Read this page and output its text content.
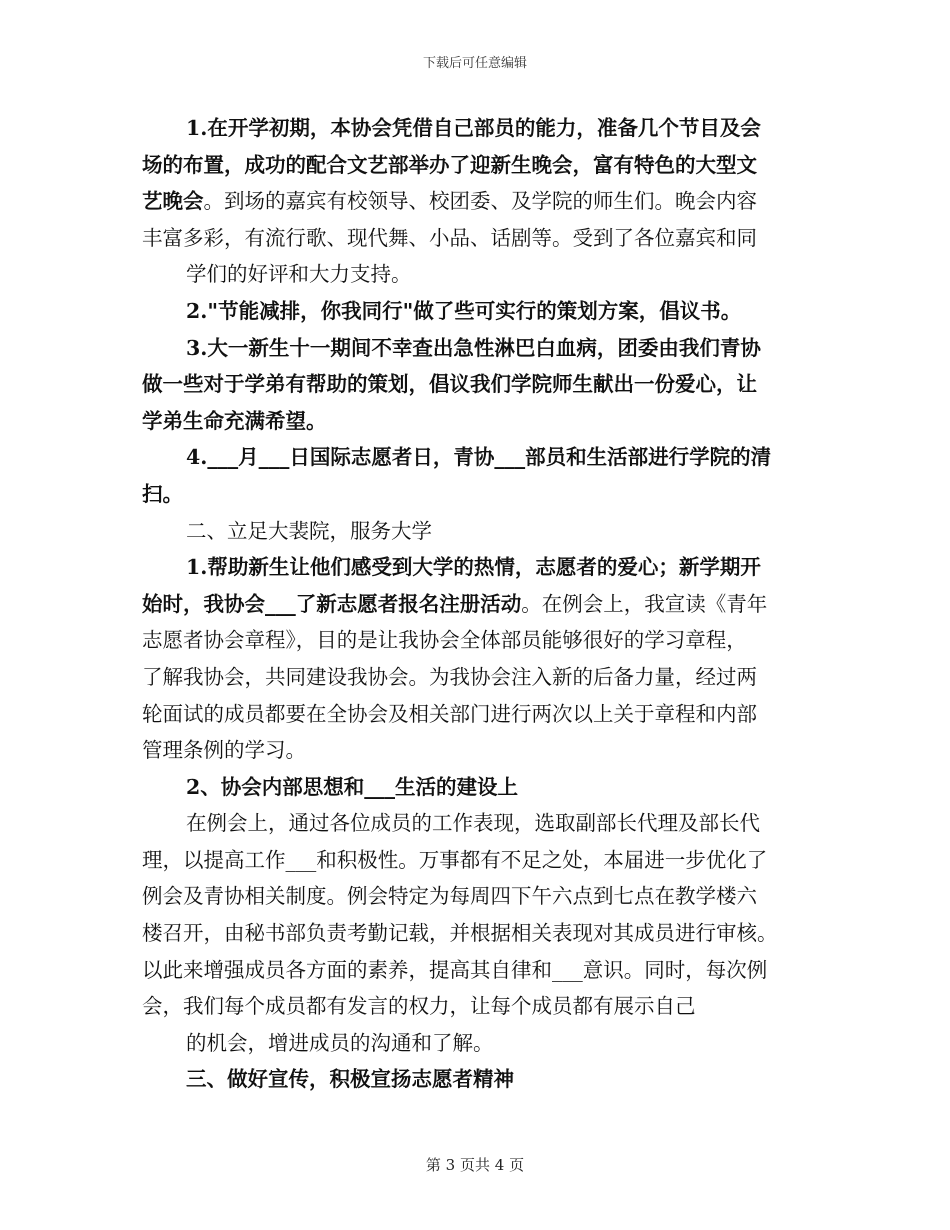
下载后可任意编辑
1.在开学初期，本协会凭借自己部员的能力，准备几个节目及会
场的布置，成功的配合文艺部举办了迎新生晚会，富有特色的大型文
艺晚会。到场的嘉宾有校领导、校团委、及学院的师生们。晚会内容
丰富多彩，有流行歌、现代舞、小品、话剧等。受到了各位嘉宾和同
学们的好评和大力支持。
2."节能减排，你我同行"做了些可实行的策划方案，倡议书。
3.大一新生十一期间不幸查出急性淋巴白血病，团委由我们青协
做一些对于学弟有帮助的策划，倡议我们学院师生献出一份爱心，让
学弟生命充满希望。
4.___月___日国际志愿者日，青协___部员和生活部进行学院的清
扫。
二、立足大裴院，服务大学
1.帮助新生让他们感受到大学的热情，志愿者的爱心；新学期开
始时，我协会___了新志愿者报名注册活动。在例会上，我宣读《青年
志愿者协会章程》，目的是让我协会全体部员能够很好的学习章程，
了解我协会，共同建设我协会。为我协会注入新的后备力量，经过两
轮面试的成员都要在全协会及相关部门进行两次以上关于章程和内部
管理条例的学习。
2、协会内部思想和___生活的建设上
在例会上，通过各位成员的工作表现，选取副部长代理及部长代
理，以提高工作___和积极性。万事都有不足之处，本届进一步优化了
例会及青协相关制度。例会特定为每周四下午六点到七点在教学楼六
楼召开，由秘书部负责考勤记载，并根据相关表现对其成员进行审核。
以此来增强成员各方面的素养，提高其自律和___意识。同时，每次例
会，我们每个成员都有发言的权力，让每个成员都有展示自己
的机会，增进成员的沟通和了解。
三、做好宣传，积极宣扬志愿者精神
第 3 页共 4 页
